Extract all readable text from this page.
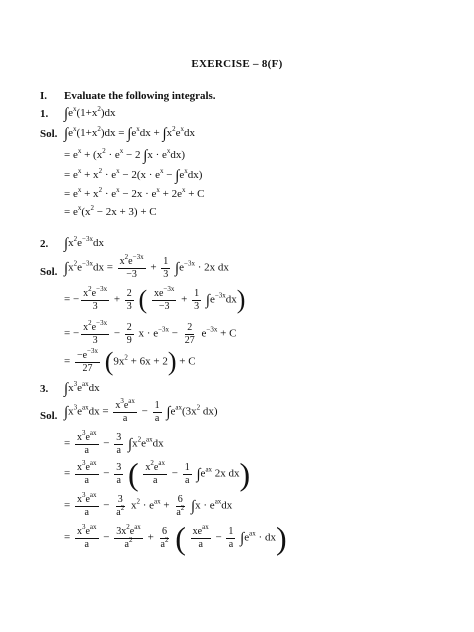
EXERCISE – 8(F)
I. Evaluate the following integrals.
1. $\int e^x(1+x^2)dx$
Sol. $\int e^x(1+x^2)dx = \int e^xdx + \int x^2e^xdx$
= $e^x + (x^2 \cdot e^x - 2$ $\int x \cdot e^xdx$)
= $e^x + x^2 \cdot e^x - 2(x \cdot e^x - \int e^xdx)$
= $e^x + x^2 \cdot e^x - 2x \cdot e^x + 2e^x + C$
= $e^x(x^2 - 2x + 3) + C$
2. $\int x^2e^{-3x}dx$
Sol. $\int x^2e^{-3x}dx = \frac{x^2e^{-3x}}{-3} + \frac{1}{3} \int e^{-3x} \cdot 2x$ dx
= − $\frac{x^2e^{-3x}}{3} + \frac{2}{3}$ ( $\frac{xe^{-3x}}{-3} + \frac{1}{3} \int e^{-3x}dx$)
= − $\frac{x^2e^{-3x}}{3} - \frac{2}{9}$ $x \cdot e^{-3x} - \frac{2}{27} e^{-3x} + C$
= $\frac{-e^{-3x}}{27} (9x^2 + 6x + 2) + C$
3. $\int x^3e^{ax}dx$
Sol. $\int x^3e^{ax}dx = \frac{x^3e^{ax}}{a} - \frac{1}{a} \int e^{ax}(3x^2$ dx)
= $\frac{x^3e^{ax}}{a} - \frac{3}{a} \int x^2e^{ax}dx$
= $\frac{x^3e^{ax}}{a} - \frac{3}{a}$ ( $\frac{x^2e^{ax}}{a} - \frac{1}{a} \int e^{ax}$ 2x dx)
= $\frac{x^3e^{ax}}{a} - \frac{3}{a^2} x^2 \cdot e^{ax} + \frac{6}{a^2} \int x \cdot e^{ax}dx$
= $\frac{x^3e^{ax}}{a} - \frac{3x^2e^{ax}}{a^2} + \frac{6}{a^2}$ ( $\frac{xe^{ax}}{a} - \frac{1}{a} \int e^{ax} \cdot dx$)
